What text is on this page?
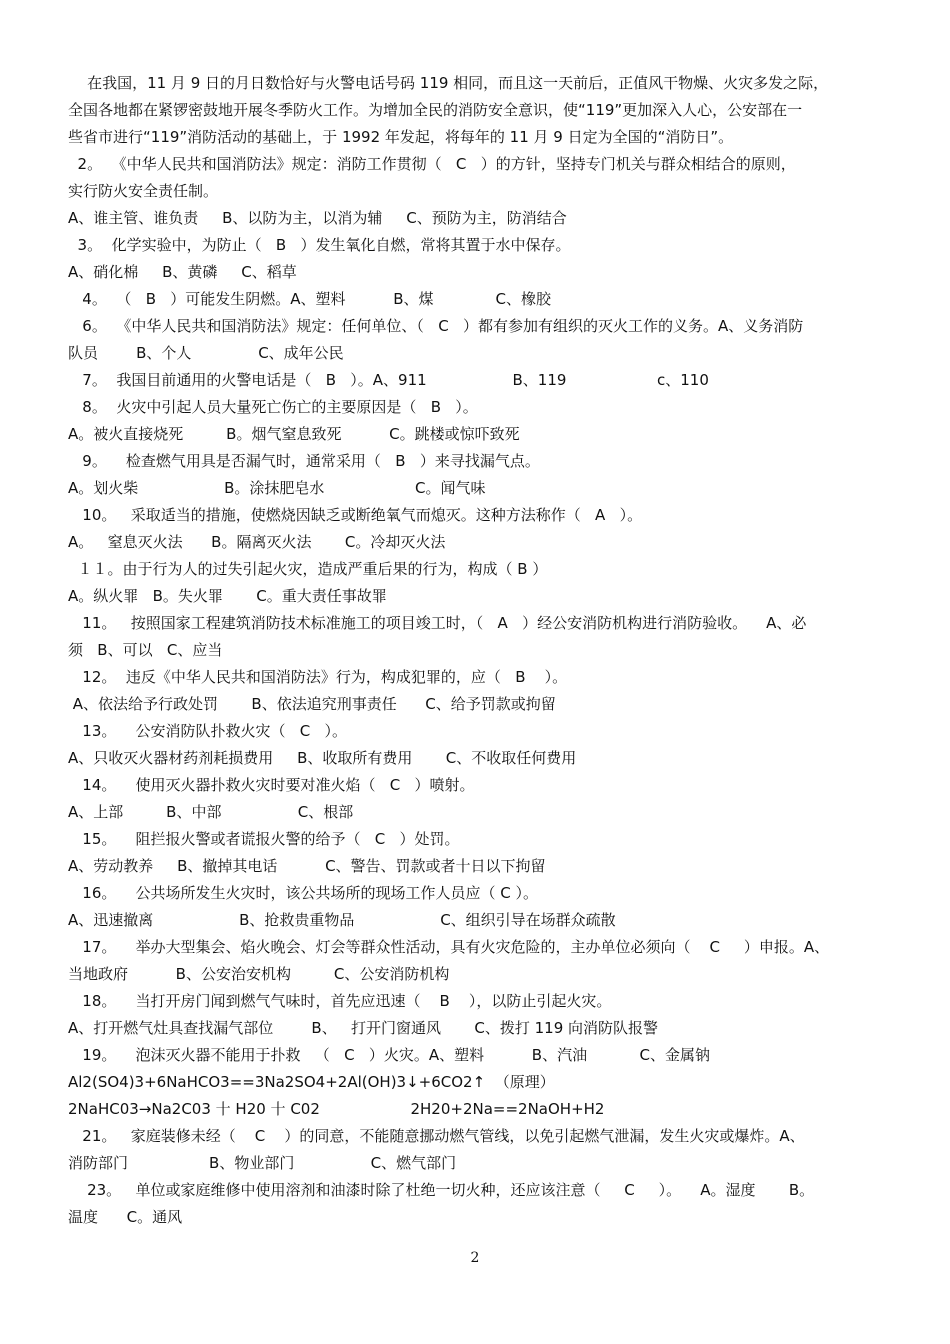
在我国，11 月 9 日的月日数恰好与火警电话号码 119 相同，而且这一天前后，正值风干物燥、火灾多发之际，
全国各地都在紧锣密鼓地开展冬季防火工作。为增加全民的消防安全意识，使“119”更加深入人心，公安部在一
些省市进行“119”消防活动的基础上，于 1992 年发起，将每年的 11 月 9 日定为全国的“消防日”。
2。  《中华人民共和国消防法》规定：消防工作贯彻（   C   ）的方针，坚持专门机关与群众相结合的原则，
实行防火安全责任制。
A、谁主管、谁负责     B、以防为主，以消为辅     C、预防为主，防消结合
3。  化学实验中，为防止（   B   ）发生氧化自燃，常将其置于水中保存。
A、硝化棉     B、黄磷     C、稻草
4。  （   B   ）可能发生阴燃。A、塑料          B、煤             C、橡胶
6。  《中华人民共和国消防法》规定：任何单位、（   C   ）都有参加有组织的灭火工作的义务。A、义务消防
队员        B、个人              C、成年公民
7。  我国目前通用的火警电话是（   B   ）。A、911                  B、119                   c、110
8。  火灾中引起人员大量死亡伤亡的主要原因是（   B   ）。
A。被火直接烧死         B。烟气窒息致死          C。跳楼或惊吓致死
9。    检查燃气用具是否漏气时，通常采用（   B   ）来寻找漏气点。
A。划火柴                  B。涂抹肥皂水                   C。闻气味
10。   采取适当的措施，使燃烧因缺乏或断绝氧气而熄灭。这种方法称作（   A   ）。
A。   窒息灭火法      B。隔离灭火法       C。冷却灭火法
１１。由于行为人的过失引起火灾，造成严重后果的行为，构成（ B ）
A。纵火罪   B。失火罪       C。重大责任事故罪
11。   按照国家工程建筑消防技术标准施工的项目竣工时，（   A   ）经公安消防机构进行消防验收。    A、必
须   B、可以   C、应当
12。  违反《中华人民共和国消防法》行为，构成犯罪的，应（   B    ）。
A、依法给予行政处罚       B、依法追究刑事责任      C、给予罚款或拘留
13。    公安消防队扑救火灾（   C   ）。
A、只收灭火器材药剂耗损费用     B、收取所有费用       C、不收取任何费用
14。    使用灭火器扑救火灾时要对准火焰（   C   ）喷射。
A、上部         B、中部                C、根部
15。    阻拦报火警或者谎报火警的给予（   C   ）处罚。
A、劳动教养     B、撤掉其电话          C、警告、罚款或者十日以下拘留
16。    公共场所发生火灾时，该公共场所的现场工作人员应（ C ）。
A、迅速撤离                  B、抢救贵重物品                  C、组织引导在场群众疏散
17。    举办大型集会、焰火晚会、灯会等群众性活动，具有火灾危险的，主办单位必须向（    C     ）申报。A、
当地政府          B、公安治安机构         C、公安消防机构
18。    当打开房门闻到燃气气味时，首先应迅速（    B    ），以防止引起火灾。
A、打开燃气灶具查找漏气部位        B、   打开门窗通风       C、拨打 119 向消防队报警
19。    泡沫灭火器不能用于扑救   （   C   ）火灾。A、塑料          B、汽油           C、金属钠
Al2(SO4)3+6NaHCO3==3Na2SO4+2Al(OH)3↓+6CO2↑  （原理）
2NaHC03→Na2C03 十 H20 十 C02                   2H20+2Na==2NaOH+H2
21。   家庭装修未经（    C    ）的同意，不能随意挪动燃气管线，以免引起燃气泄漏，发生火灾或爆炸。A、
消防部门                 B、物业部门                C、燃气部门
23。   单位或家庭维修中使用溶剂和油漆时除了杜绝一切火种，还应该注意（     C     ）。    A。湿度       B。
温度      C。通风
2
